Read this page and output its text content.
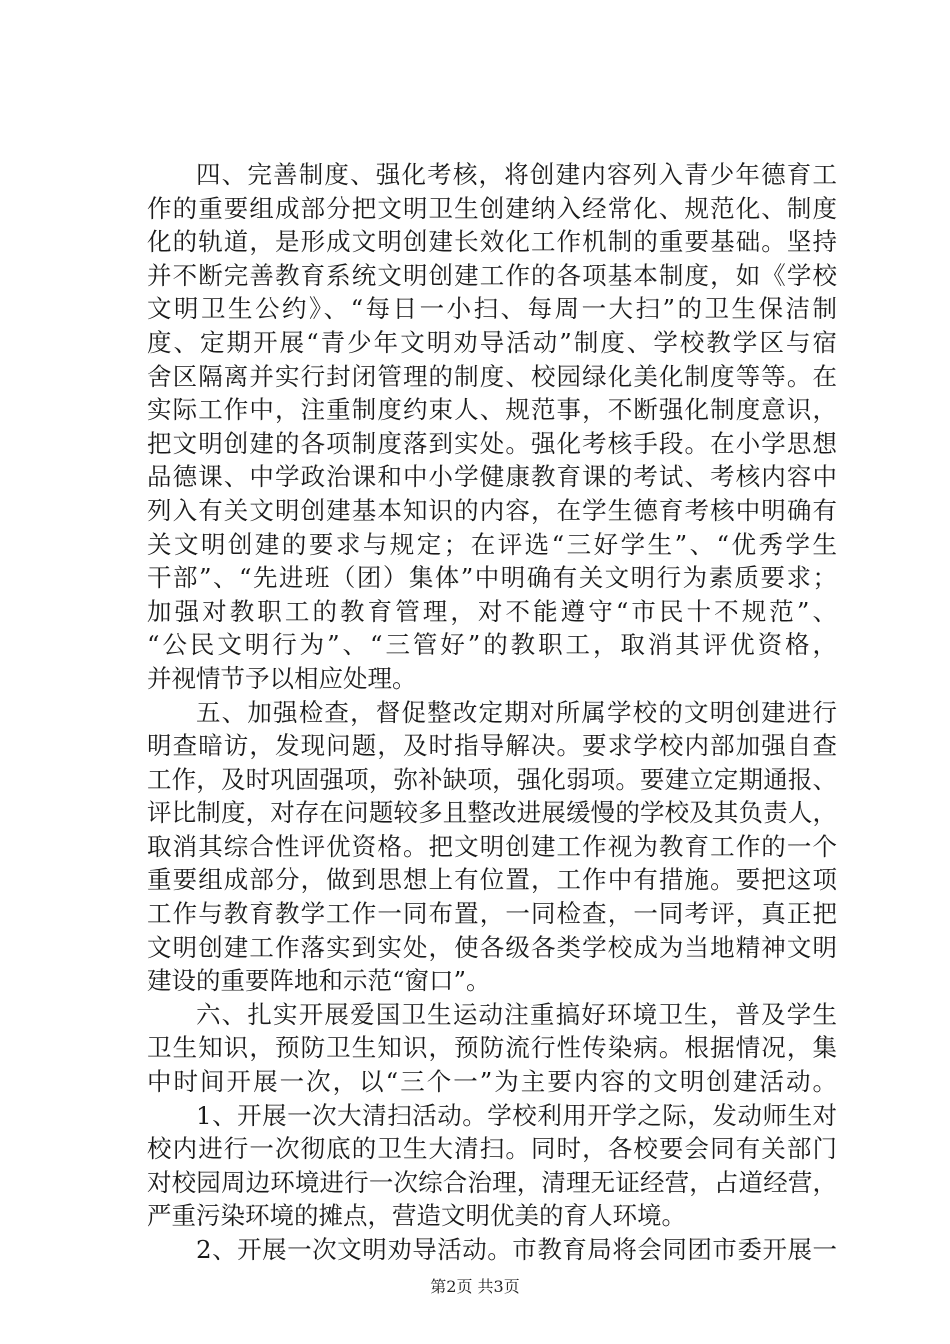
四、完善制度、强化考核，将创建内容列入青少年德育工
作的重要组成部分把文明卫生创建纳入经常化、规范化、制度
化的轨道，是形成文明创建长效化工作机制的重要基础。坚持
并不断完善教育系统文明创建工作的各项基本制度，如《学校
文明卫生公约》、“每日一小扫、每周一大扫”的卫生保洁制
度、定期开展“青少年文明劝导活动”制度、学校教学区与宿
舍区隔离并实行封闭管理的制度、校园绿化美化制度等等。在
实际工作中，注重制度约束人、规范事，不断强化制度意识，
把文明创建的各项制度落到实处。强化考核手段。在小学思想
品德课、中学政治课和中小学健康教育课的考试、考核内容中
列入有关文明创建基本知识的内容，在学生德育考核中明确有
关文明创建的要求与规定；在评选“三好学生”、“优秀学生
干部”、“先进班（团）集体”中明确有关文明行为素质要求；
加强对教职工的教育管理，对不能遵守“市民十不规范”、
“公民文明行为”、“三管好”的教职工，取消其评优资格，
并视情节予以相应处理。
五、加强检查，督促整改定期对所属学校的文明创建进行
明查暗访，发现问题，及时指导解决。要求学校内部加强自查
工作，及时巩固强项，弥补缺项，强化弱项。要建立定期通报、
评比制度，对存在问题较多且整改进展缓慢的学校及其负责人，
取消其综合性评优资格。把文明创建工作视为教育工作的一个
重要组成部分，做到思想上有位置，工作中有措施。要把这项
工作与教育教学工作一同布置，一同检查，一同考评，真正把
文明创建工作落实到实处，使各级各类学校成为当地精神文明
建设的重要阵地和示范“窗口”。
六、扎实开展爱国卫生运动注重搞好环境卫生，普及学生
卫生知识，预防卫生知识，预防流行性传染病。根据情况，集
中时间开展一次，以“三个一”为主要内容的文明创建活动。
1、开展一次大清扫活动。学校利用开学之际，发动师生对
校内进行一次彻底的卫生大清扫。同时，各校要会同有关部门
对校园周边环境进行一次综合治理，清理无证经营，占道经营，
严重污染环境的摊点，营造文明优美的育人环境。
2、开展一次文明劝导活动。市教育局将会同团市委开展一
第2页 共3页
